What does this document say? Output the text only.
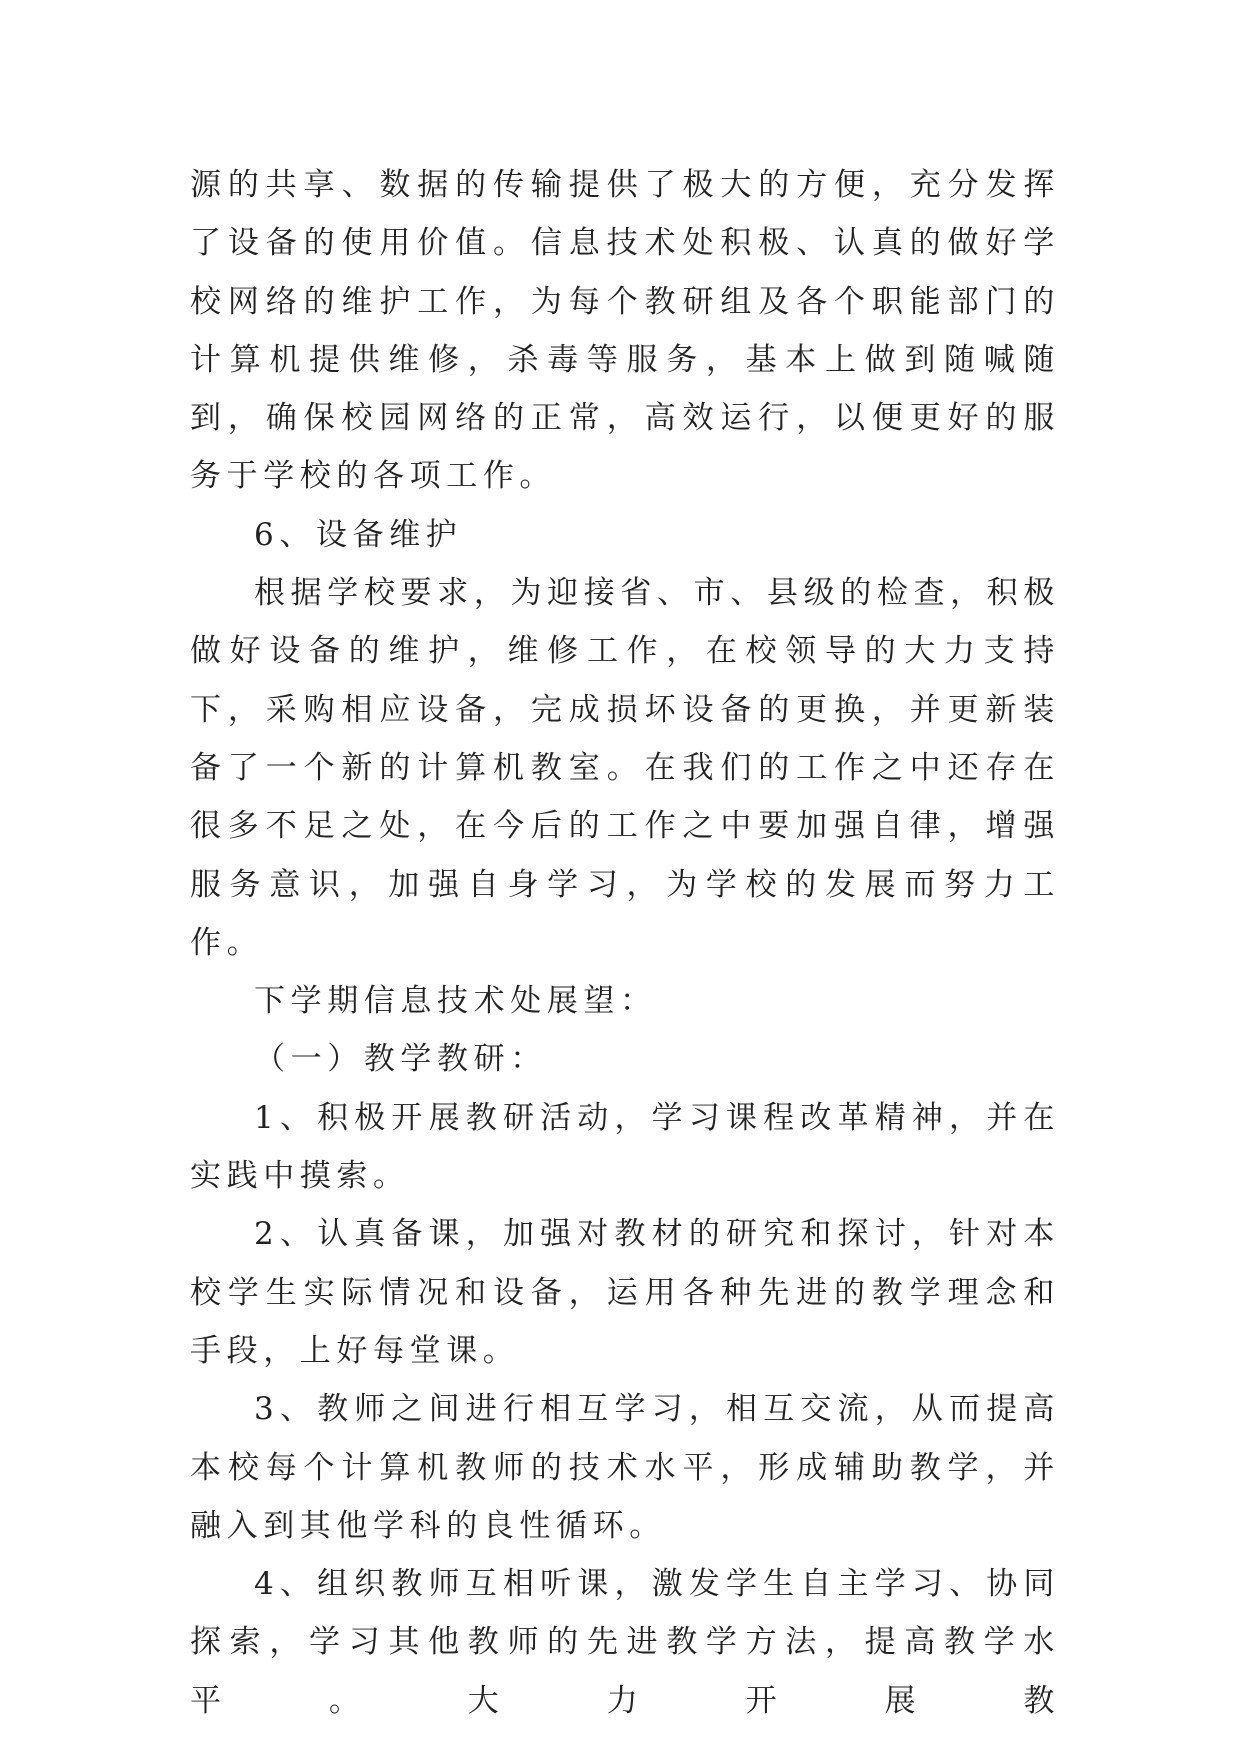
源的共享、数据的传输提供了极大的方便，充分发挥了设备的使用价值。信息技术处积极、认真的做好学校网络的维护工作，为每个教研组及各个职能部门的计算机提供维修，杀毒等服务，基本上做到随喊随到，确保校园网络的正常，高效运行，以便更好的服务于学校的各项工作。

6、设备维护

根据学校要求，为迎接省、市、县级的检查，积极做好设备的维护，维修工作，在校领导的大力支持下，采购相应设备，完成损坏设备的更换，并更新装备了一个新的计算机教室。在我们的工作之中还存在很多不足之处，在今后的工作之中要加强自律，增强服务意识，加强自身学习，为学校的发展而努力工作。

下学期信息技术处展望：

（一）教学教研：

1、积极开展教研活动，学习课程改革精神，并在实践中摸索。

2、认真备课，加强对教材的研究和探讨，针对本校学生实际情况和设备，运用各种先进的教学理念和手段，上好每堂课。

3、教师之间进行相互学习，相互交流，从而提高本校每个计算机教师的技术水平，形成辅助教学，并融入到其他学科的良性循环。

4、组织教师互相听课，激发学生自主学习、协同探索，学习其他教师的先进教学方法，提高教学水平。大力开展教
